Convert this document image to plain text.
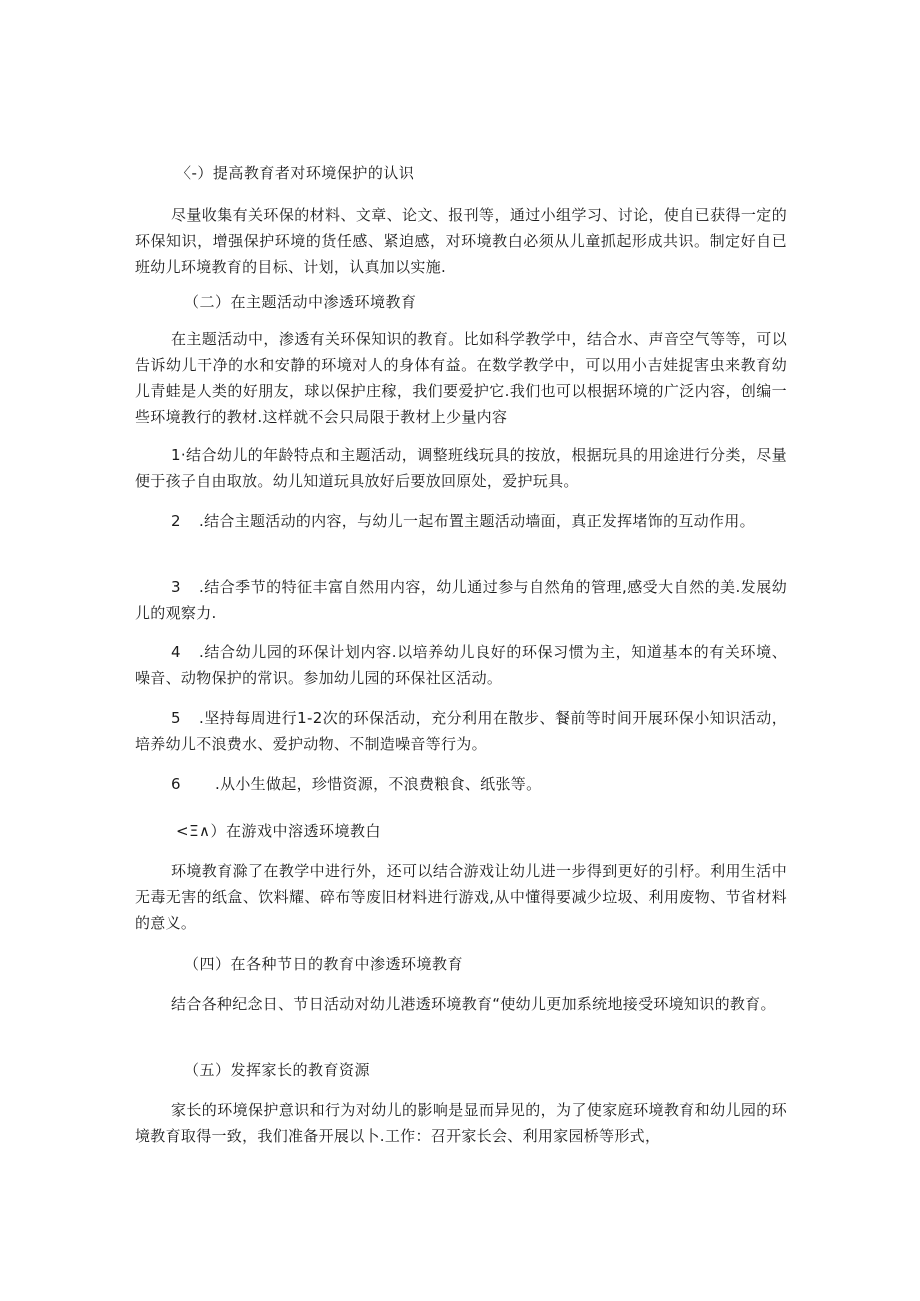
〈-）提高教育者对环境保护的认识

尽量收集有关环保的材料、文章、论文、报刊等，通过小组学习、讨论，使自已获得一定的环保知识，增强保护环境的货任感、紧迫感，对环境教白必须从儿童抓起形成共识。制定好自已班幼儿环境教育的目标、计划，认真加以实施.

（二）在主题活动中渗透环境教育

在主题活动中，渗透有关环保知识的教育。比如科学教学中，结合水、声音空气等等，可以告诉幼儿干净的水和安静的环境对人的身体有益。在数学教学中，可以用小吉娃捉害虫来教育幼儿青蛙是人类的好朋友，球以保护庄稼，我们要爱护它.我们也可以根据环境的广泛内容，创编一些环境教行的教材.这样就不会只局限于教材上少量内容

1·结合幼儿的年龄特点和主题活动，调整班线玩具的按放，根据玩具的用途进行分类，尽量便于孩子自由取放。幼儿知道玩具放好后要放回原处，爱护玩具。

2 .结合主题活动的内容，与幼儿一起布置主题活动墙面，真正发挥堵饰的互动作用。

3 .结合季节的特征丰富自然用内容，幼儿通过参与自然角的管理,感受大自然的美.发展幼儿的观察力.

4 .结合幼儿园的环保计划内容.以培养幼儿良好的环保习惯为主，知道基本的有关环境、噪音、动物保护的常识。参加幼儿园的环保社区活动。

5 .坚持每周进行1-2次的环保活动，充分利用在散步、餐前等时间开展环保小知识活动，培养幼儿不浪费水、爱护动物、不制造噪音等行为。

6 .从小生做起，珍惜资源，不浪费粮食、纸张等。

<Ξ∧）在游戏中溶透环境教白

环境教育滁了在教学中进行外，还可以结合游戏让幼儿进一步得到更好的引杼。利用生活中无毒无害的纸盒、饮料耀、碎布等废旧材料进行游戏,从中懂得要减少垃圾、利用废物、节省材料的意义。

（四）在各种节日的教育中渗透环境教育

结合各种纪念日、节日活动对幼儿港透环境教育“使幼儿更加系统地接受环境知识的教育。

（五）发挥家长的教育资源

家长的环境保护意识和行为对幼儿的影响是显而异见的，为了使家庭环境教育和幼儿园的环境教育取得一致，我们准备开展以卜.工作：召开家长会、利用家园桥等形式，
